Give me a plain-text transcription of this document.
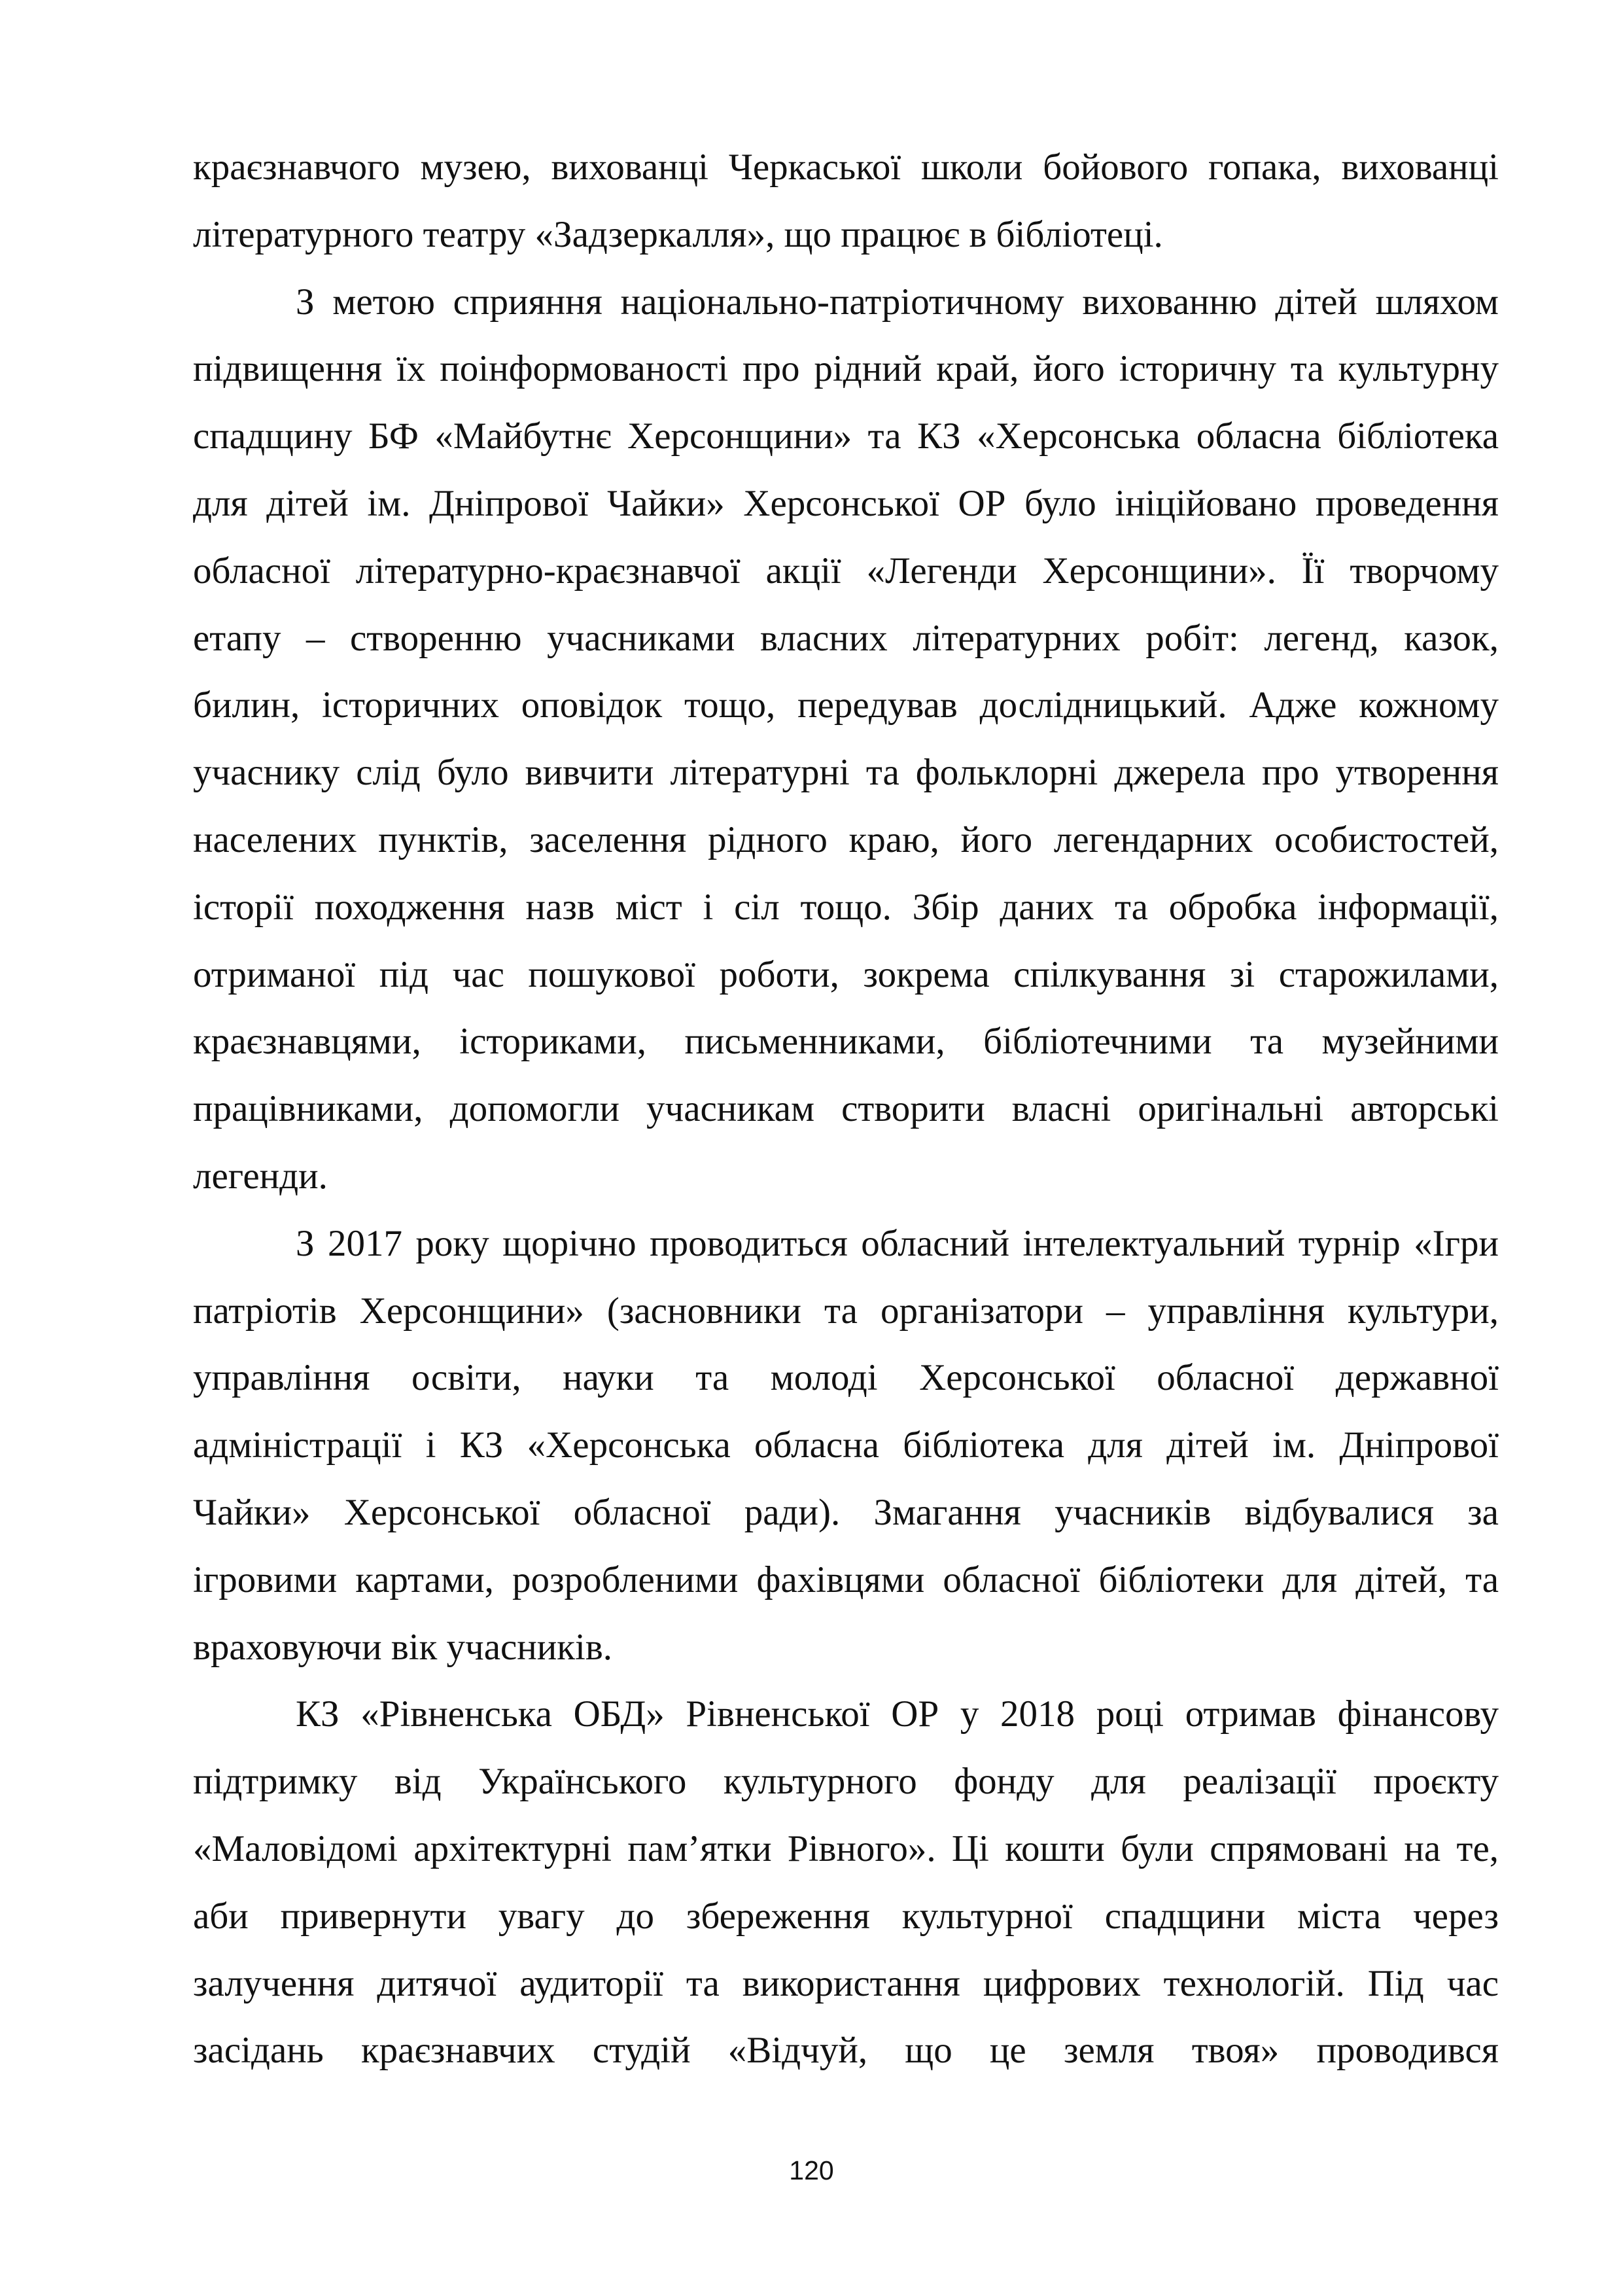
краєзнавчого музею, вихованці Черкаської школи бойового гопака, вихованці
літературного театру «Задзеркалля», що працює в бібліотеці.
З метою сприяння національно-патріотичному вихованню дітей шляхом
підвищення їх поінформованості про рідний край, його історичну та культурну
спадщину БФ «Майбутнє Херсонщини» та КЗ «Херсонська обласна бібліотека
для дітей ім. Дніпрової Чайки» Херсонської ОР було ініційовано проведення
обласної літературно-краєзнавчої акції «Легенди Херсонщини». Її творчому
етапу – створенню учасниками власних літературних робіт: легенд, казок,
билин, історичних оповідок тощо, передував дослідницький. Адже кожному
учаснику слід було вивчити літературні та фольклорні джерела про утворення
населених пунктів, заселення рідного краю, його легендарних особистостей,
історії походження назв міст і сіл тощо. Збір даних та обробка інформації,
отриманої під час пошукової роботи, зокрема спілкування зі старожилами,
краєзнавцями, істориками, письменниками, бібліотечними та музейними
працівниками, допомогли учасникам створити власні оригінальні авторські
легенди.
З 2017 року щорічно проводиться обласний інтелектуальний турнір «Ігри
патріотів Херсонщини» (засновники та організатори – управління культури,
управління освіти, науки та молоді Херсонської обласної державної
адміністрації і КЗ «Херсонська обласна бібліотека для дітей ім. Дніпрової
Чайки» Херсонської обласної ради). Змагання учасників відбувалися за
ігровими картами, розробленими фахівцями обласної бібліотеки для дітей, та
враховуючи вік учасників.
КЗ «Рівненська ОБД» Рівненської ОР у 2018 році отримав фінансову
підтримку від Українського культурного фонду для реалізації проєкту
«Маловідомі архітектурні пам’ятки Рівного». Ці кошти були спрямовані на те,
аби привернути увагу до збереження культурної спадщини міста через
залучення дитячої аудиторії та використання цифрових технологій. Під час
засідань краєзнавчих студій «Відчуй, що це земля твоя» проводився
120
